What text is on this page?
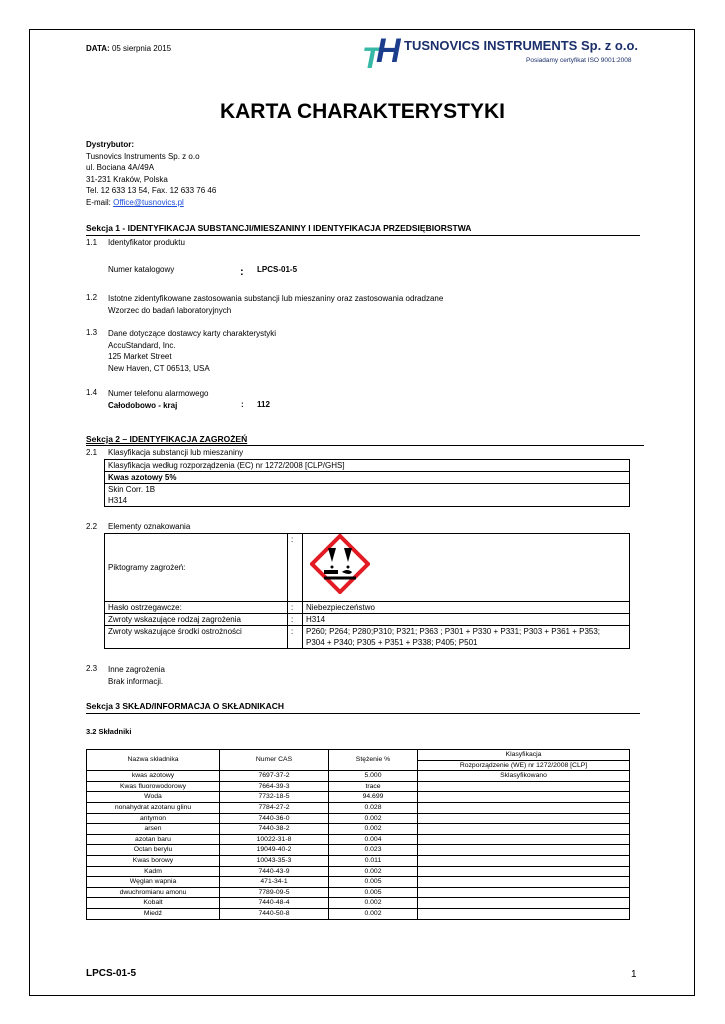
DATA: 05 sierpnia 2015	T
H TUSNOVICS INSTRUMENTS Sp. z o.o.
Posiadamy certyfikat ISO 9001:2008
KARTA CHARAKTERYSTYKI
Dystrybutor:
Tusnovics Instruments Sp. z o.o
ul. Bociana 4A/49A
31-231 Kraków, Polska
Tel. 12 633 13 54, Fax. 12 633 76 46
E-mail: Office@tusnovics.pl
Sekcja 1 - IDENTYFIKACJA SUBSTANCJI/MIESZANINY I IDENTYFIKACJA PRZEDSIĘBIORSTWA
1.1 Identyfikator produktu
Numer katalogowy	: LPCS-01-5
1.2 Istotne zidentyfikowane zastosowania substancji lub mieszaniny oraz zastosowania odradzane
Wzorzec do badań laboratoryjnych
1.3 Dane dotyczące dostawcy karty charakterystyki
AccuStandard, Inc.
125 Market Street
New Haven, CT 06513, USA
1.4 Numer telefonu alarmowego
Całodobowo - kraj	: 112
Sekcja 2 – IDENTYFIKACJA ZAGROŻEŃ
2.1 Klasyfikacja substancji lub mieszaniny
Klasyfikacja według rozporządzenia (EC) nr 1272/2008 [CLP/GHS]
Kwas azotowy 5%
Skin Corr. 1B
H314
2.2 Elementy oznakowania
Piktogramy zagrożeń:	:	

Hasło ostrzegawcze:	:	Niebezpieczeństwo
Zwroty wskazujące rodzaj zagrożenia	:	H314
Zwroty wskazujące środki ostrożności	:	P260; P264; P280;P310; P321; P363 ; P301 + P330 + P331; P303 + P361 + P353;
P304 + P340; P305 + P351 + P338; P405; P501
2.3 Inne zagrożenia
Brak informacji.
Sekcja 3 SKŁAD/INFORMACJA O SKŁADNIKACH
3.2 Składniki
Nazwa składnika	Numer CAS	Stężenie %	Klasyfikacja
			Rozporządzenie (WE) nr 1272/2008 [CLP]
kwas azotowy	7697-37-2	5.000	Sklasyfikowano
Kwas fluorowodorowy	7664-39-3	trace	
Woda	7732-18-5	94.699	
nonahydrat azotanu glinu	7784-27-2	0.028	
antymon	7440-36-0	0.002	
arsen	7440-38-2	0.002	
azotan baru	10022-31-8	0.004	
Octan berylu	19049-40-2	0.023	
Kwas borowy	10043-35-3	0.011	
Kadm	7440-43-9	0.002	
Węglan wapnia	471-34-1	0.005	
dwuchromianu amonu	7789-09-5	0.005	
Kobalt	7440-48-4	0.002	
Miedź	7440-50-8	0.002	
LPCS-01-5	1
